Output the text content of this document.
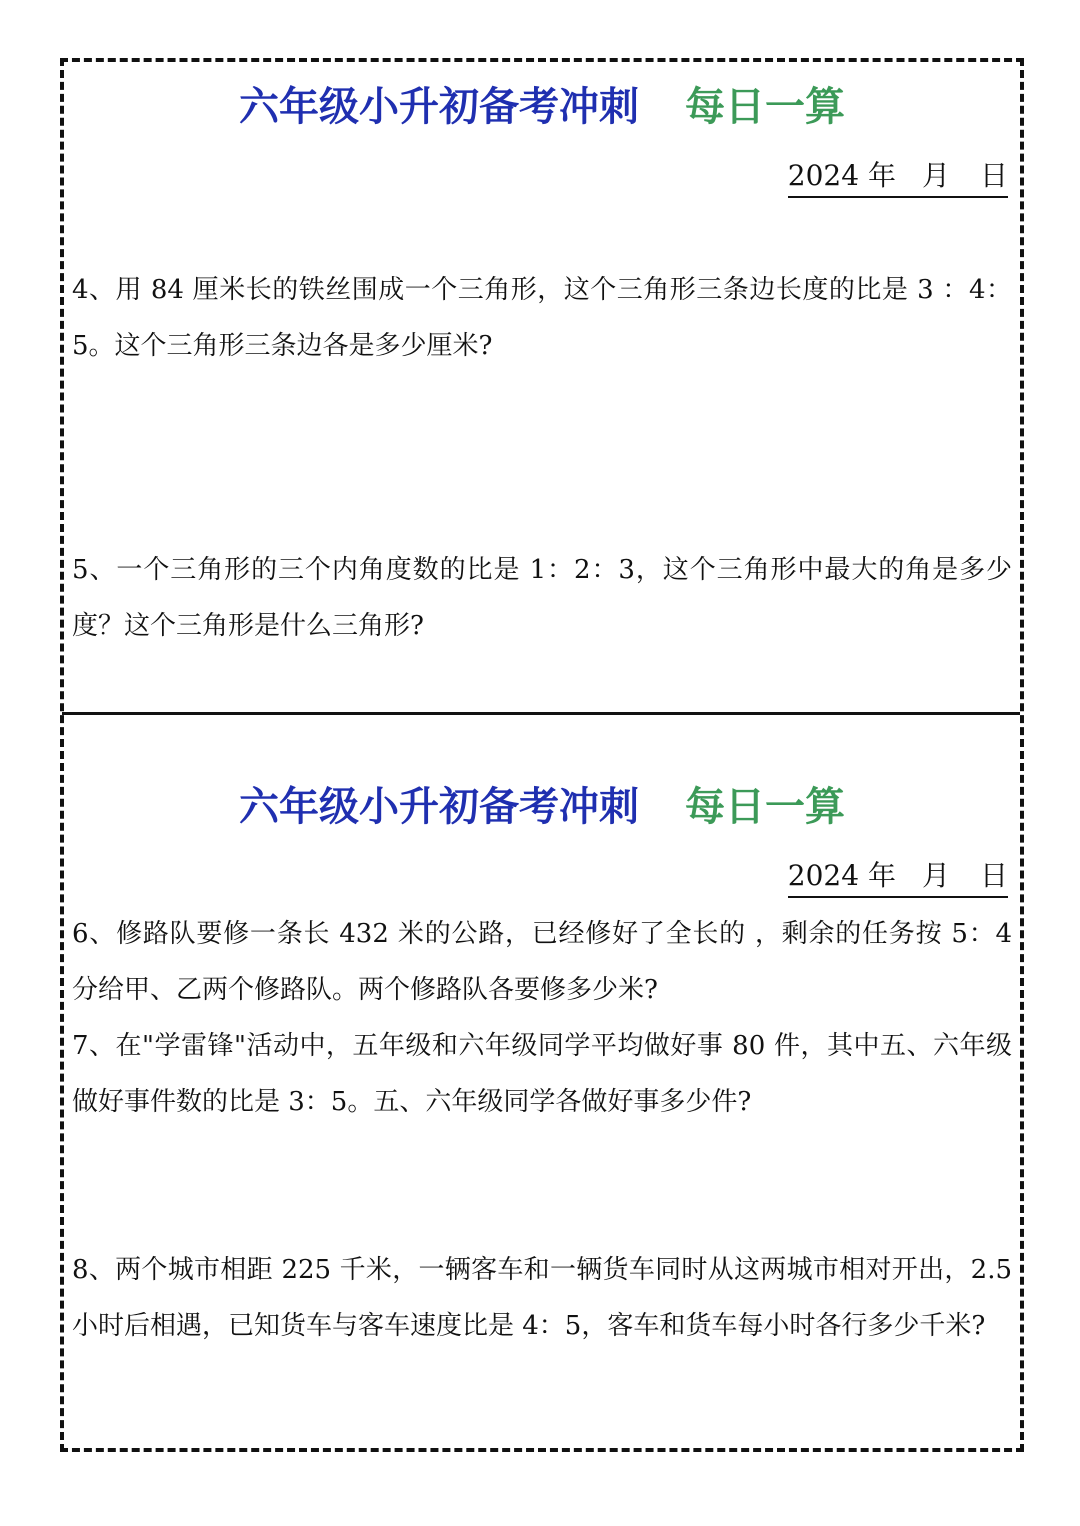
六年级小升初备考冲刺 每日一算
2024 年 月 日
4、用 84 厘米长的铁丝围成一个三角形，这个三角形三条边长度的比是 3 ：4：5。这个三角形三条边各是多少厘米?
5、一个三角形的三个内角度数的比是 1：2：3，这个三角形中最大的角是多少度？这个三角形是什么三角形?
六年级小升初备考冲刺 每日一算
2024 年 月 日
6、修路队要修一条长 432 米的公路，已经修好了全长的 ，剩余的任务按 5：4 分给甲、乙两个修路队。两个修路队各要修多少米?
7、在"学雷锋"活动中，五年级和六年级同学平均做好事 80 件，其中五、六年级做好事件数的比是 3：5。五、六年级同学各做好事多少件?
8、两个城市相距 225 千米，一辆客车和一辆货车同时从这两城市相对开出，2.5 小时后相遇，已知货车与客车速度比是 4：5，客车和货车每小时各行多少千米?
